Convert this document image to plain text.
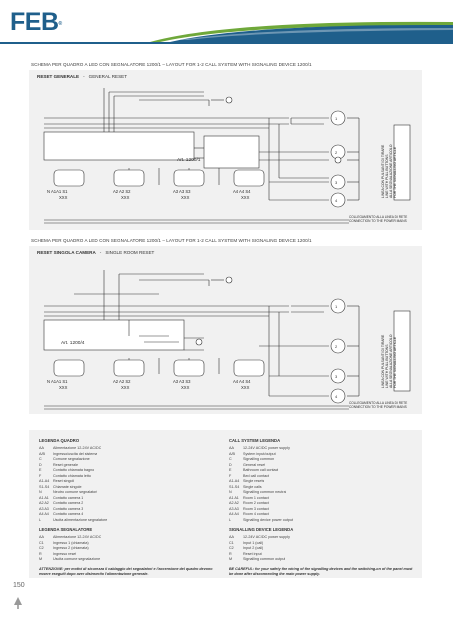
FEB®
SCHEMA PER QUADRO A LED CON SEGNALATORE 1200/1 – LAYOUT FOR 1-2 CALL SYSTEM WITH SIGNALING DEVICE 1200/1
RESET GENERALE - GENERAL RESET
1
2
3
4
Art. 1200/1
N A1A1 S1	A2 A2 S2	A3 A3 S3	A4 A4 S4
XXX	XXX	XXX	XXX	LINEA CON PULSANTI DI TIRARE LINE WITH PULL BUTTONS ALLA SEGNALAZIONE ARTICOLO FOR THE SIGNALLING ARTICLE
COLLEGAMENTO ALLA LINEA DI RETE
CONNECTION TO THE POWER MAINS
SCHEMA PER QUADRO A LED CON SEGNALATORE 1200/1 – LAYOUT FOR 1-2 CALL SYSTEM WITH SIGNALING DEVICE 1200/1
RESET SINGOLA CAMERA - SINGLE ROOM RESET
1
2
3
4
Art. 1200/4
N A1A1 S1	A2 A2 S2	A3 A3 S3	A4 A4 S4
XXX	XXX	XXX	XXX	LINEA CON PULSANTI DI TIRARE LINE WITH PULL BUTTONS ALLA SEGNALAZIONE ARTICOLO FOR THE SIGNALLING ARTICLE
COLLEGAMENTO ALLA LINEA DI RETE
CONNECTION TO THE POWER MAINS
LEGENDA QUADRO
AA	Alimentazione 12-24V AC/DC
A/B	Ingresso/uscita del sistema
C	Comune segnalazione
D	Reset generale
E	Contatto chiamata bagno
F	Contatto chiamata letto
A1-A4	Reset singoli
S1-S4	Chiamate singole
N	Neutro comune segnalatori
A1 A1	Contatto camera 1
A2 A2	Contatto camera 2
A3 A3	Contatto camera 3
A4 A4	Contatto camera 4
L	Uscita alimentazione segnalatore
LEGENDA SEGNALATORE
AA	Alimentazione 12-24V AC/DC
C1	Ingresso 1 (chiamata)
C2	Ingresso 2 (chiamata)
R	Ingresso reset
M	Uscita comune segnalazione
ATTENZIONE: per motivi di sicurezza il cablaggio dei segnalatori e l'accensione del quadro devono essere eseguiti dopo aver disinserito l'alimentazione generale.
CALL SYSTEM LEGENDA
AA	12-24V AC/DC power supply
A/B	System input/output
C	Signalling common
D	General reset
E	Bathroom call contact
F	Bed call contact
A1-A4	Single resets
S1-S4	Single calls
N	Signalling common neutral
A1 A1	Room 1 contact
A2 A2	Room 2 contact
A3 A3	Room 3 contact
A4 A4	Room 4 contact
L	Signalling device power output
SIGNALLING DEVICE LEGENDA
AA	12-24V AC/DC power supply
C1	Input 1 (call)
C2	Input 2 (call)
R	Reset input
M	Signalling common output
BE CAREFUL: for your safety the wiring of the signalling devices and the switching-on of the panel must be done after disconnecting the main power supply.
150
